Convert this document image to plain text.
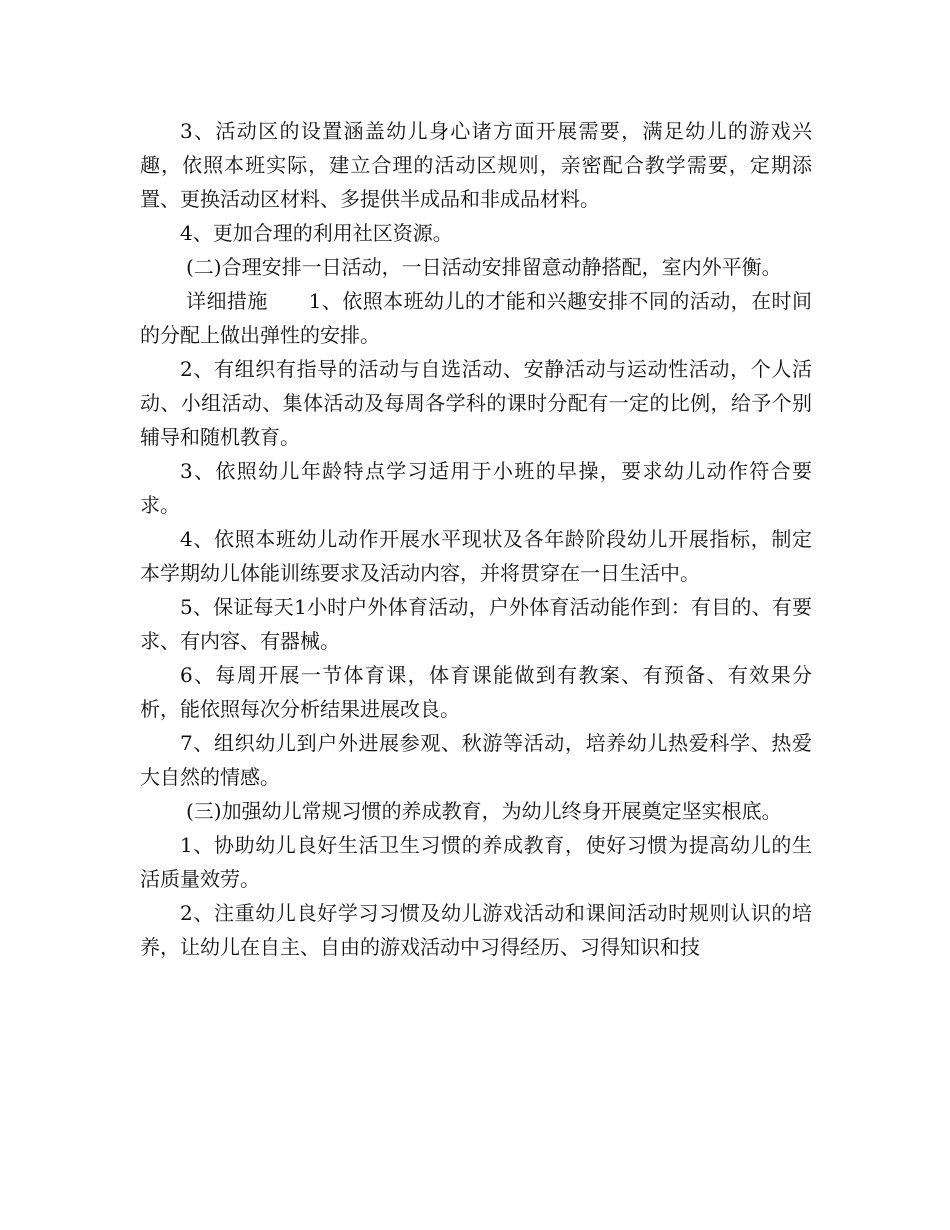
3、活动区的设置涵盖幼儿身心诸方面开展需要，满足幼儿的游戏兴趣，依照本班实际，建立合理的活动区规则，亲密配合教学需要，定期添置、更换活动区材料、多提供半成品和非成品材料。

4、更加合理的利用社区资源。

(二)合理安排一日活动，一日活动安排留意动静搭配，室内外平衡。

详细措施　　1、依照本班幼儿的才能和兴趣安排不同的活动，在时间的分配上做出弹性的安排。

2、有组织有指导的活动与自选活动、安静活动与运动性活动，个人活动、小组活动、集体活动及每周各学科的课时分配有一定的比例，给予个别辅导和随机教育。

3、依照幼儿年龄特点学习适用于小班的早操，要求幼儿动作符合要求。

4、依照本班幼儿动作开展水平现状及各年龄阶段幼儿开展指标，制定本学期幼儿体能训练要求及活动内容，并将贯穿在一日生活中。

5、保证每天1小时户外体育活动，户外体育活动能作到：有目的、有要求、有内容、有器械。

6、每周开展一节体育课，体育课能做到有教案、有预备、有效果分析，能依照每次分析结果进展改良。

7、组织幼儿到户外进展参观、秋游等活动，培养幼儿热爱科学、热爱大自然的情感。

(三)加强幼儿常规习惯的养成教育，为幼儿终身开展奠定坚实根底。

1、协助幼儿良好生活卫生习惯的养成教育，使好习惯为提高幼儿的生活质量效劳。

2、注重幼儿良好学习习惯及幼儿游戏活动和课间活动时规则认识的培养，让幼儿在自主、自由的游戏活动中习得经历、习得知识和技
